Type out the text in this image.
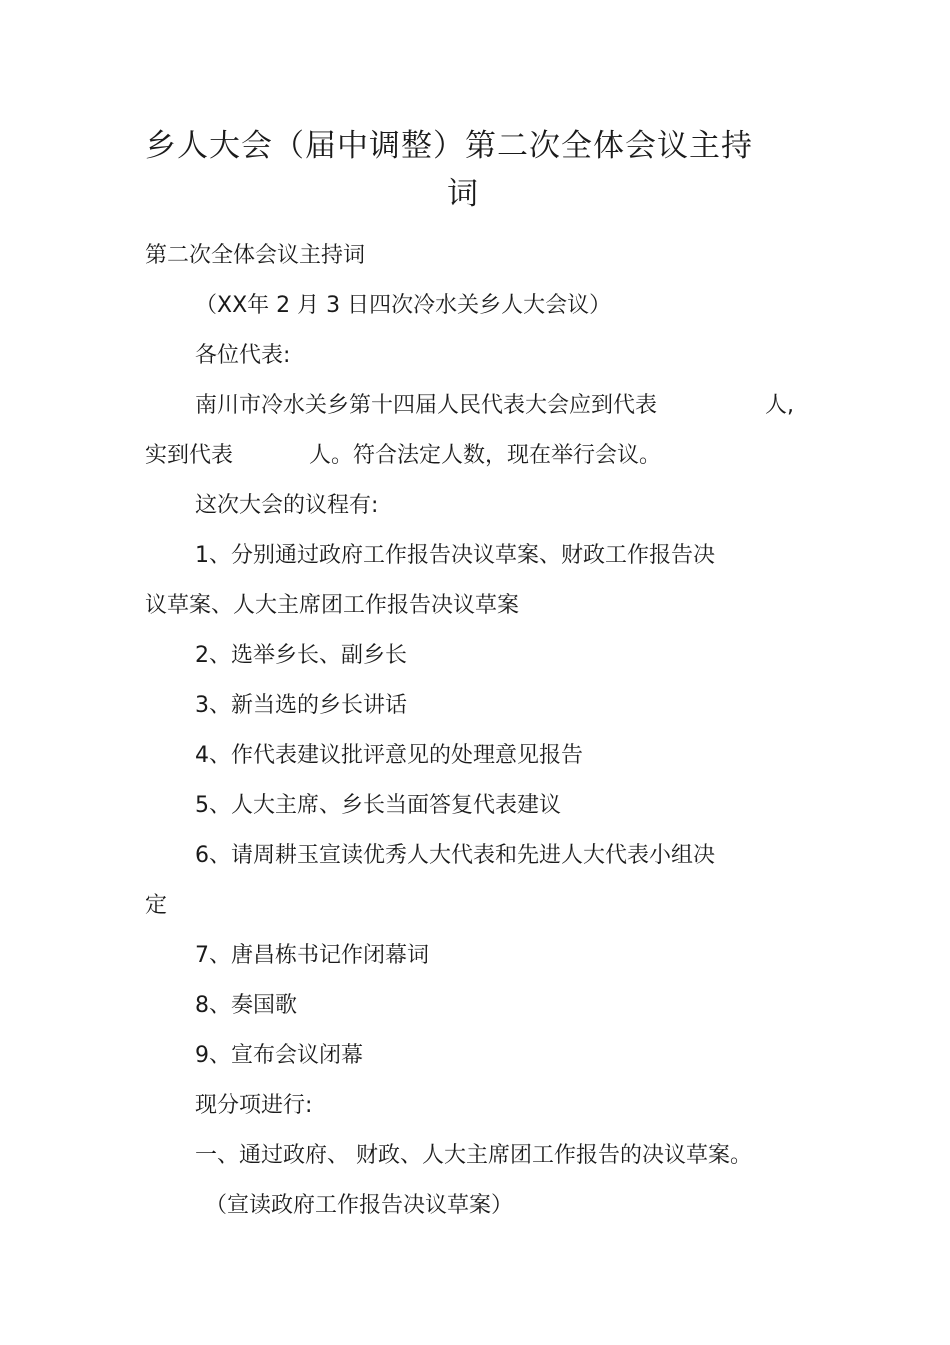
乡人大会（届中调整）第二次全体会议主持
词
第二次全体会议主持词
（XX年 2 月 3 日四次冷水关乡人大会议）
各位代表:
南川市冷水关乡第十四届人民代表大会应到代表	人,
实到代表	人。符合法定人数，现在举行会议。
这次大会的议程有:
1、分别通过政府工作报告决议草案、财政工作报告决
议草案、人大主席团工作报告决议草案
2、选举乡长、副乡长
3、新当选的乡长讲话
4、作代表建议批评意见的处理意见报告
5、人大主席、乡长当面答复代表建议
6、请周耕玉宣读优秀人大代表和先进人大代表小组决
定
7、唐昌栋书记作闭幕词
8、奏国歌
9、宣布会议闭幕
现分项进行:
一、通过政府、 财政、人大主席团工作报告的决议草案。
（宣读政府工作报告决议草案）
